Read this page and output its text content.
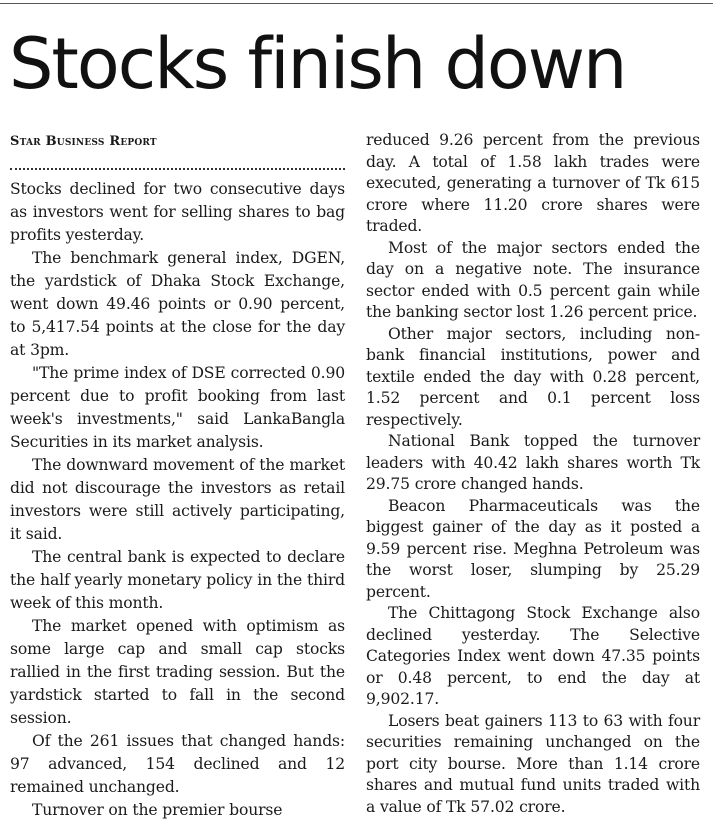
Stocks finish down
Star Business Report

Stocks declined for two consecutive days as investors went for selling shares to bag profits yesterday.

The benchmark general index, DGEN, the yardstick of Dhaka Stock Exchange, went down 49.46 points or 0.90 percent, to 5,417.54 points at the close for the day at 3pm.

"The prime index of DSE corrected 0.90 percent due to profit booking from last week's investments," said LankaBangla Securities in its market analysis.

The downward movement of the market did not discourage the investors as retail investors were still actively participating, it said.

The central bank is expected to declare the half yearly monetary policy in the third week of this month.

The market opened with optimism as some large cap and small cap stocks rallied in the first trading session. But the yardstick started to fall in the second session.

Of the 261 issues that changed hands: 97 advanced, 154 declined and 12 remained unchanged.

Turnover on the premier bourse

reduced 9.26 percent from the previous day. A total of 1.58 lakh trades were executed, generating a turnover of Tk 615 crore where 11.20 crore shares were traded.

Most of the major sectors ended the day on a negative note. The insurance sector ended with 0.5 percent gain while the banking sector lost 1.26 percent price.

Other major sectors, including non-bank financial institutions, power and textile ended the day with 0.28 percent, 1.52 percent and 0.1 percent loss respectively.

National Bank topped the turnover leaders with 40.42 lakh shares worth Tk 29.75 crore changed hands.

Beacon Pharmaceuticals was the biggest gainer of the day as it posted a 9.59 percent rise. Meghna Petroleum was the worst loser, slumping by 25.29 percent.

The Chittagong Stock Exchange also declined yesterday. The Selective Categories Index went down 47.35 points or 0.48 percent, to end the day at 9,902.17.

Losers beat gainers 113 to 63 with four securities remaining unchanged on the port city bourse. More than 1.14 crore shares and mutual fund units traded with a value of Tk 57.02 crore.
